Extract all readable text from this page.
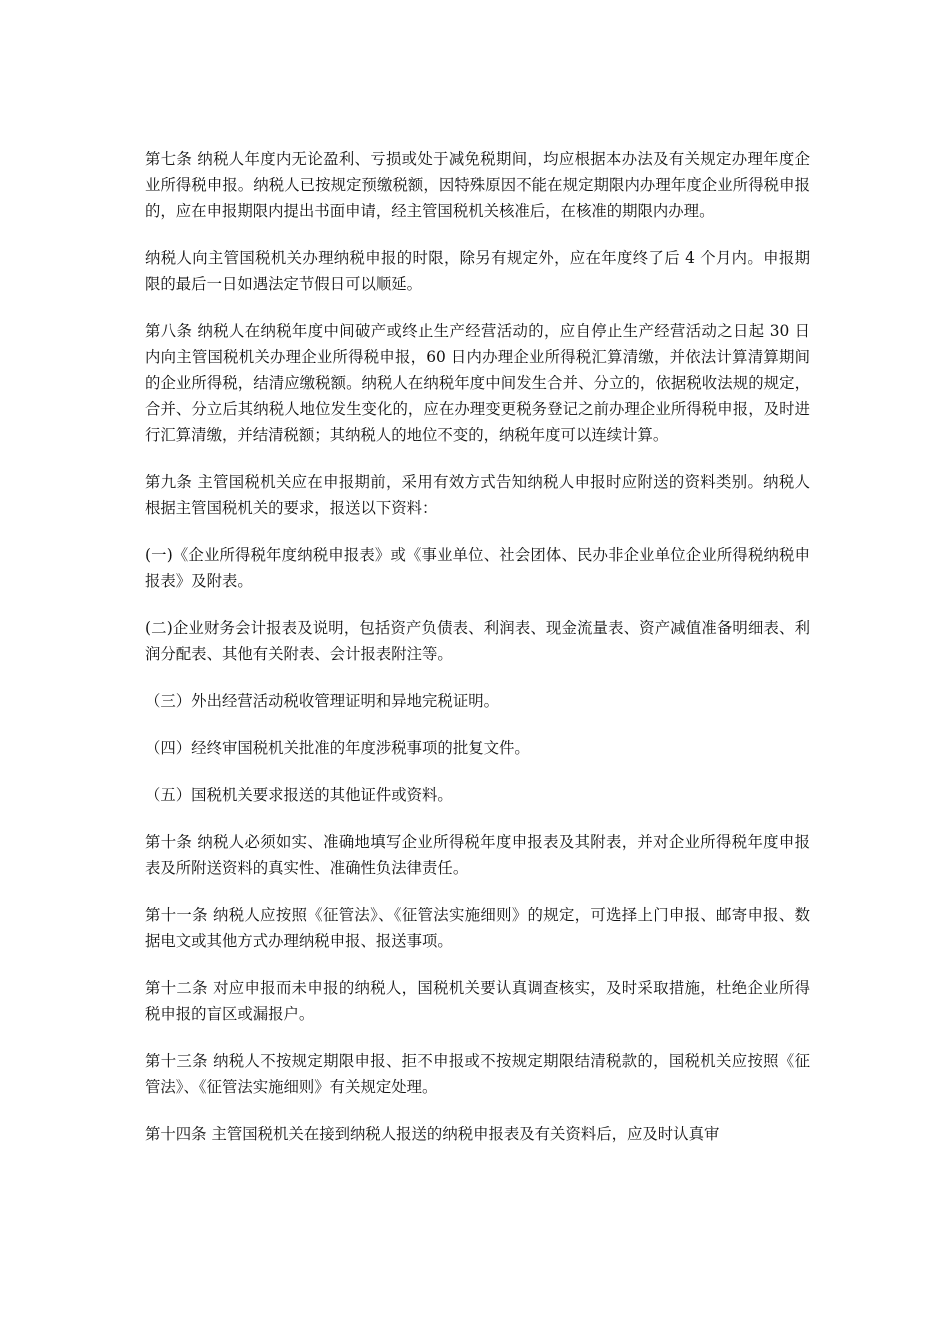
第七条 纳税人年度内无论盈利、亏损或处于减免税期间，均应根据本办法及有关规定办理年度企业所得税申报。纳税人已按规定预缴税额，因特殊原因不能在规定期限内办理年度企业所得税申报的，应在申报期限内提出书面申请，经主管国税机关核准后，在核准的期限内办理。

纳税人向主管国税机关办理纳税申报的时限，除另有规定外，应在年度终了后 4 个月内。申报期限的最后一日如遇法定节假日可以顺延。

第八条 纳税人在纳税年度中间破产或终止生产经营活动的，应自停止生产经营活动之日起 30 日内向主管国税机关办理企业所得税申报，60 日内办理企业所得税汇算清缴，并依法计算清算期间的企业所得税，结清应缴税额。纳税人在纳税年度中间发生合并、分立的，依据税收法规的规定，合并、分立后其纳税人地位发生变化的，应在办理变更税务登记之前办理企业所得税申报，及时进行汇算清缴，并结清税额；其纳税人的地位不变的，纳税年度可以连续计算。

第九条 主管国税机关应在申报期前，采用有效方式告知纳税人申报时应附送的资料类别。纳税人根据主管国税机关的要求，报送以下资料：

(一)《企业所得税年度纳税申报表》或《事业单位、社会团体、民办非企业单位企业所得税纳税申报表》及附表。

(二)企业财务会计报表及说明，包括资产负债表、利润表、现金流量表、资产减值准备明细表、利润分配表、其他有关附表、会计报表附注等。

（三）外出经营活动税收管理证明和异地完税证明。

（四）经终审国税机关批准的年度涉税事项的批复文件。

（五）国税机关要求报送的其他证件或资料。

第十条 纳税人必须如实、准确地填写企业所得税年度申报表及其附表，并对企业所得税年度申报表及所附送资料的真实性、准确性负法律责任。

第十一条 纳税人应按照《征管法》、《征管法实施细则》的规定，可选择上门申报、邮寄申报、数据电文或其他方式办理纳税申报、报送事项。

第十二条 对应申报而未申报的纳税人，国税机关要认真调查核实，及时采取措施，杜绝企业所得税申报的盲区或漏报户。

第十三条 纳税人不按规定期限申报、拒不申报或不按规定期限结清税款的，国税机关应按照《征管法》、《征管法实施细则》有关规定处理。

第十四条 主管国税机关在接到纳税人报送的纳税申报表及有关资料后，应及时认真审
